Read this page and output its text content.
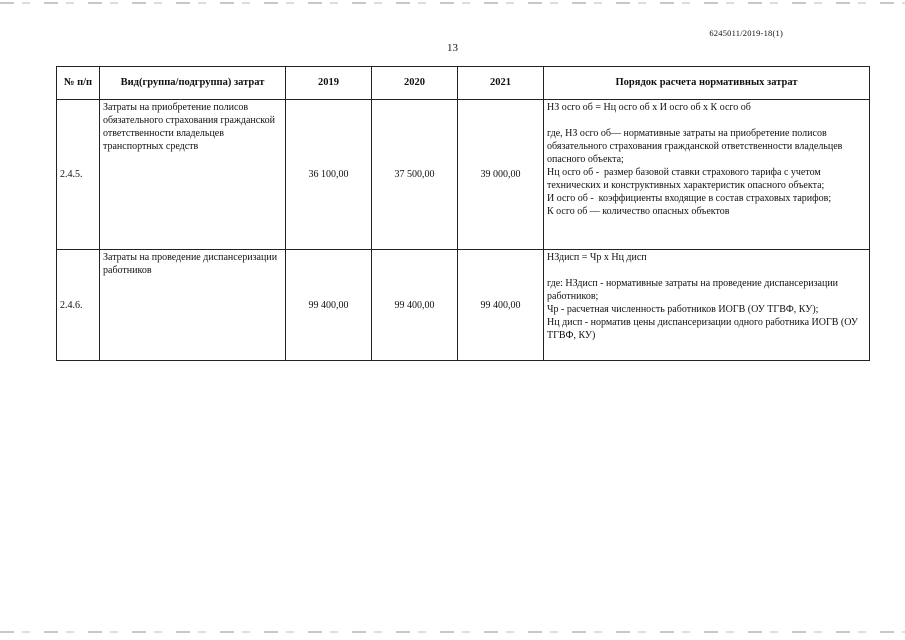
6245011/2019-18(1)
13
№ п/п	Вид(группа/подгруппа) затрат	2019	2020	2021	Порядок расчета нормативных затрат
2.4.5.	Затраты на приобретение полисов обязательного страхования гражданской ответственности владельцев транспортных средств	36 100,00	37 500,00	39 000,00	НЗ осго об = Нц осго об х И осго об х К осго об

где, НЗ осго об— нормативные затраты на приобретение полисов обязательного страхования гражданской ответственности владельцев опасного объекта;
Нц осго об -  размер базовой ставки страхового тарифа с учетом технических и конструктивных характеристик опасного объекта;
И осго об -  коэффициенты входящие в состав страховых тарифов;
К осго об — количество опасных объектов

2.4.6.	Затраты на проведение диспансеризации работников	99 400,00	99 400,00	99 400,00	НЗдисп = Чр х Нц дисп

где: НЗдисп - нормативные затраты на проведение диспансеризации работников;
Чр - расчетная численность работников ИОГВ (ОУ ТГВФ, КУ);
Нц дисп - норматив цены диспансеризации одного работника ИОГВ (ОУ ТГВФ, КУ)
